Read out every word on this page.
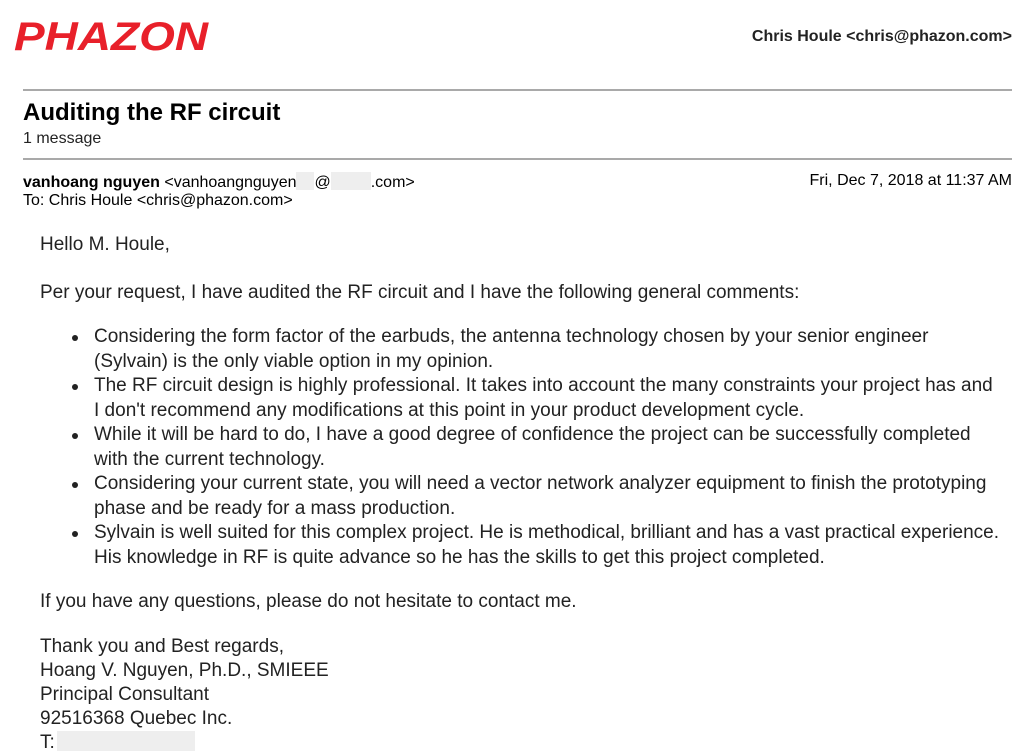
PHAZON	Chris Houle <chris@phazon.com>
Auditing the RF circuit
1 message
vanhoang nguyen <vanhoangnguyen @	.com>	Fri, Dec 7, 2018 at 11:37 AM
To: Chris Houle <chris@phazon.com>
Hello M. Houle,
Per your request, I have audited the RF circuit and I have the following general comments:
Considering the form factor of the earbuds, the antenna technology chosen by your senior engineer (Sylvain) is the only viable option in my opinion.
The RF circuit design is highly professional. It takes into account the many constraints your project has and I don't recommend any modifications at this point in your product development cycle.
While it will be hard to do, I have a good degree of confidence the project can be successfully completed with the current technology.
Considering your current state, you will need a vector network analyzer equipment to finish the prototyping phase and be ready for a mass production.
Sylvain is well suited for this complex project. He is methodical, brilliant and has a vast practical experience. His knowledge in RF is quite advance so he has the skills to get this project completed.
If you have any questions, please do not hesitate to contact me.
Thank you and Best regards,
Hoang V. Nguyen, Ph.D., SMIEEE
Principal Consultant
92516368 Quebec Inc.
T:
